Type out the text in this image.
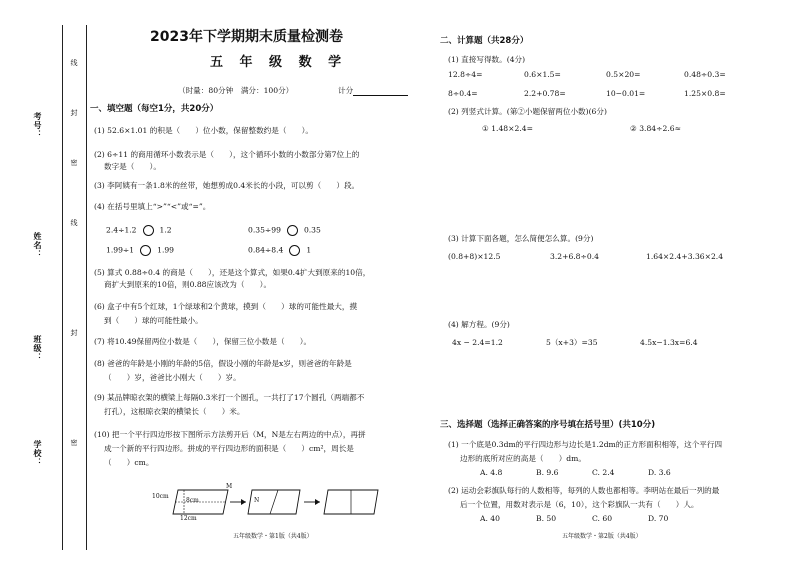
考号：
姓名：
班级：
学校：
线
封
密
线
封
密
2023年下学期期末质量检测卷
五 年 级 数 学
（时量：80分钟　满分：100分）	计分
一、填空题（每空1分，共20分）
(1) 52.6×1.01 的积是（　　）位小数，保留整数约是（　　）。
(2) 6÷11 的商用循环小数表示是（　　），这个循环小数的小数部分第7位上的
数字是（　　）。
(3) 李阿姨有一条1.8米的丝带，她想剪成0.4米长的小段，可以剪（　　）段。
(4) 在括号里填上“>”“<”或“=”。
2.4÷1.2	1.2	0.35÷99	0.35
1.99÷1	1.99	0.84÷8.4	1
(5) 算式 0.88÷0.4 的商是（　　），还是这个算式，如果0.4扩大到原来的10倍，
商扩大到原来的10倍，则0.88应该改为（　　）。
(6) 盒子中有5个红球，1个绿球和2个黄球，摸到（　　）球的可能性最大，摸
到（　　）球的可能性最小。
(7) 将10.49保留两位小数是（　　），保留三位小数是（　　）。
(8) 爸爸的年龄是小刚的年龄的5倍，假设小刚的年龄是x岁，则爸爸的年龄是
（　　）岁，爸爸比小刚大（　　）岁。
(9) 某品牌晾衣架的横梁上每隔0.3米打一个圆孔，一共打了17个圆孔（两端都不
打孔），这根晾衣架的横梁长（　　）米。
(10) 把一个平行四边形按下图所示方法剪开后（M，N是左右两边的中点），再拼
成一个新的平行四边形。拼成的平行四边形的面积是（　　）cm²，周长是
（　　）cm。
10cm
8cm
12cm
M
N
五年级数学・第1版（共4版）
二、计算题（共28分）
(1) 直接写得数。(4分)
12.8÷4=	0.6×1.5=	0.5×20=	0.48÷0.3=
8÷0.4=	2.2+0.78=	10−0.01=	1.25×0.8=
(2) 列竖式计算。(第②小题保留两位小数)(6分)
① 1.48×2.4=	② 3.84÷2.6≈
(3) 计算下面各题，怎么简便怎么算。(9分)
(0.8+8)×12.5	3.2+6.8÷0.4	1.64×2.4+3.36×2.4
(4) 解方程。(9分)
4x − 2.4=1.2	5（x+3）=35	4.5x−1.3x=6.4
三、选择题（选择正确答案的序号填在括号里）(共10分)
(1) 一个底是0.3dm的平行四边形与边长是1.2dm的正方形面积相等，这个平行四
边形的底所对应的高是（　　）dm。
A. 4.8	B. 9.6	C. 2.4	D. 3.6
(2) 运动会彩旗队每行的人数相等，每列的人数也都相等。李明站在最后一列的最
后一个位置，用数对表示是（6，10），这个彩旗队一共有（　　）人。
A. 40	B. 50	C. 60	D. 70
五年级数学・第2版（共4版）
